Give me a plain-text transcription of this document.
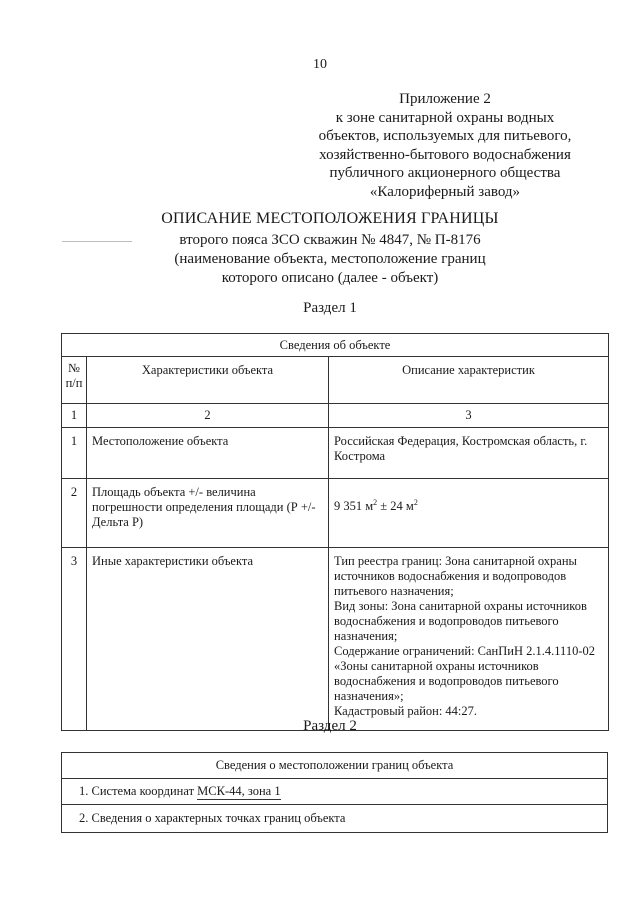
10
Приложение 2
к зоне санитарной охраны водных
объектов, используемых для питьевого,
хозяйственно-бытового водоснабжения
публичного акционерного общества
«Калориферный завод»
ОПИСАНИЕ МЕСТОПОЛОЖЕНИЯ ГРАНИЦЫ
второго пояса ЗСО скважин № 4847, № П-8176
(наименование объекта, местоположение границ
которого описано (далее - объект)
Раздел 1
Сведения об объекте		
№ п/п	Характеристики объекта	Описание характеристик
1	2	3
1	Местоположение объекта	Российская Федерация, Костромская область, г. Кострома
2	Площадь объекта +/- величина погрешности определения площади (Р +/- Дельта Р)	9 351 $м^2 \pm 24$ $м^2$

3	Иные характеристики объекта	Тип реестра границ: Зона санитарной охраны источников водоснабжения и водопроводов питьевого назначения;
Вид зоны: Зона санитарной охраны источников водоснабжения и водопроводов питьевого назначения;
Содержание ограничений: СанПиН 2.1.4.1110-02 «Зоны санитарной охраны источников водоснабжения и водопроводов питьевого назначения»;
Кадастровый район: 44:27.
Раздел 2
Сведения о местоположении границ объекта
1. Система координат МСК-44, зона 1
2. Сведения о характерных точках границ объекта
